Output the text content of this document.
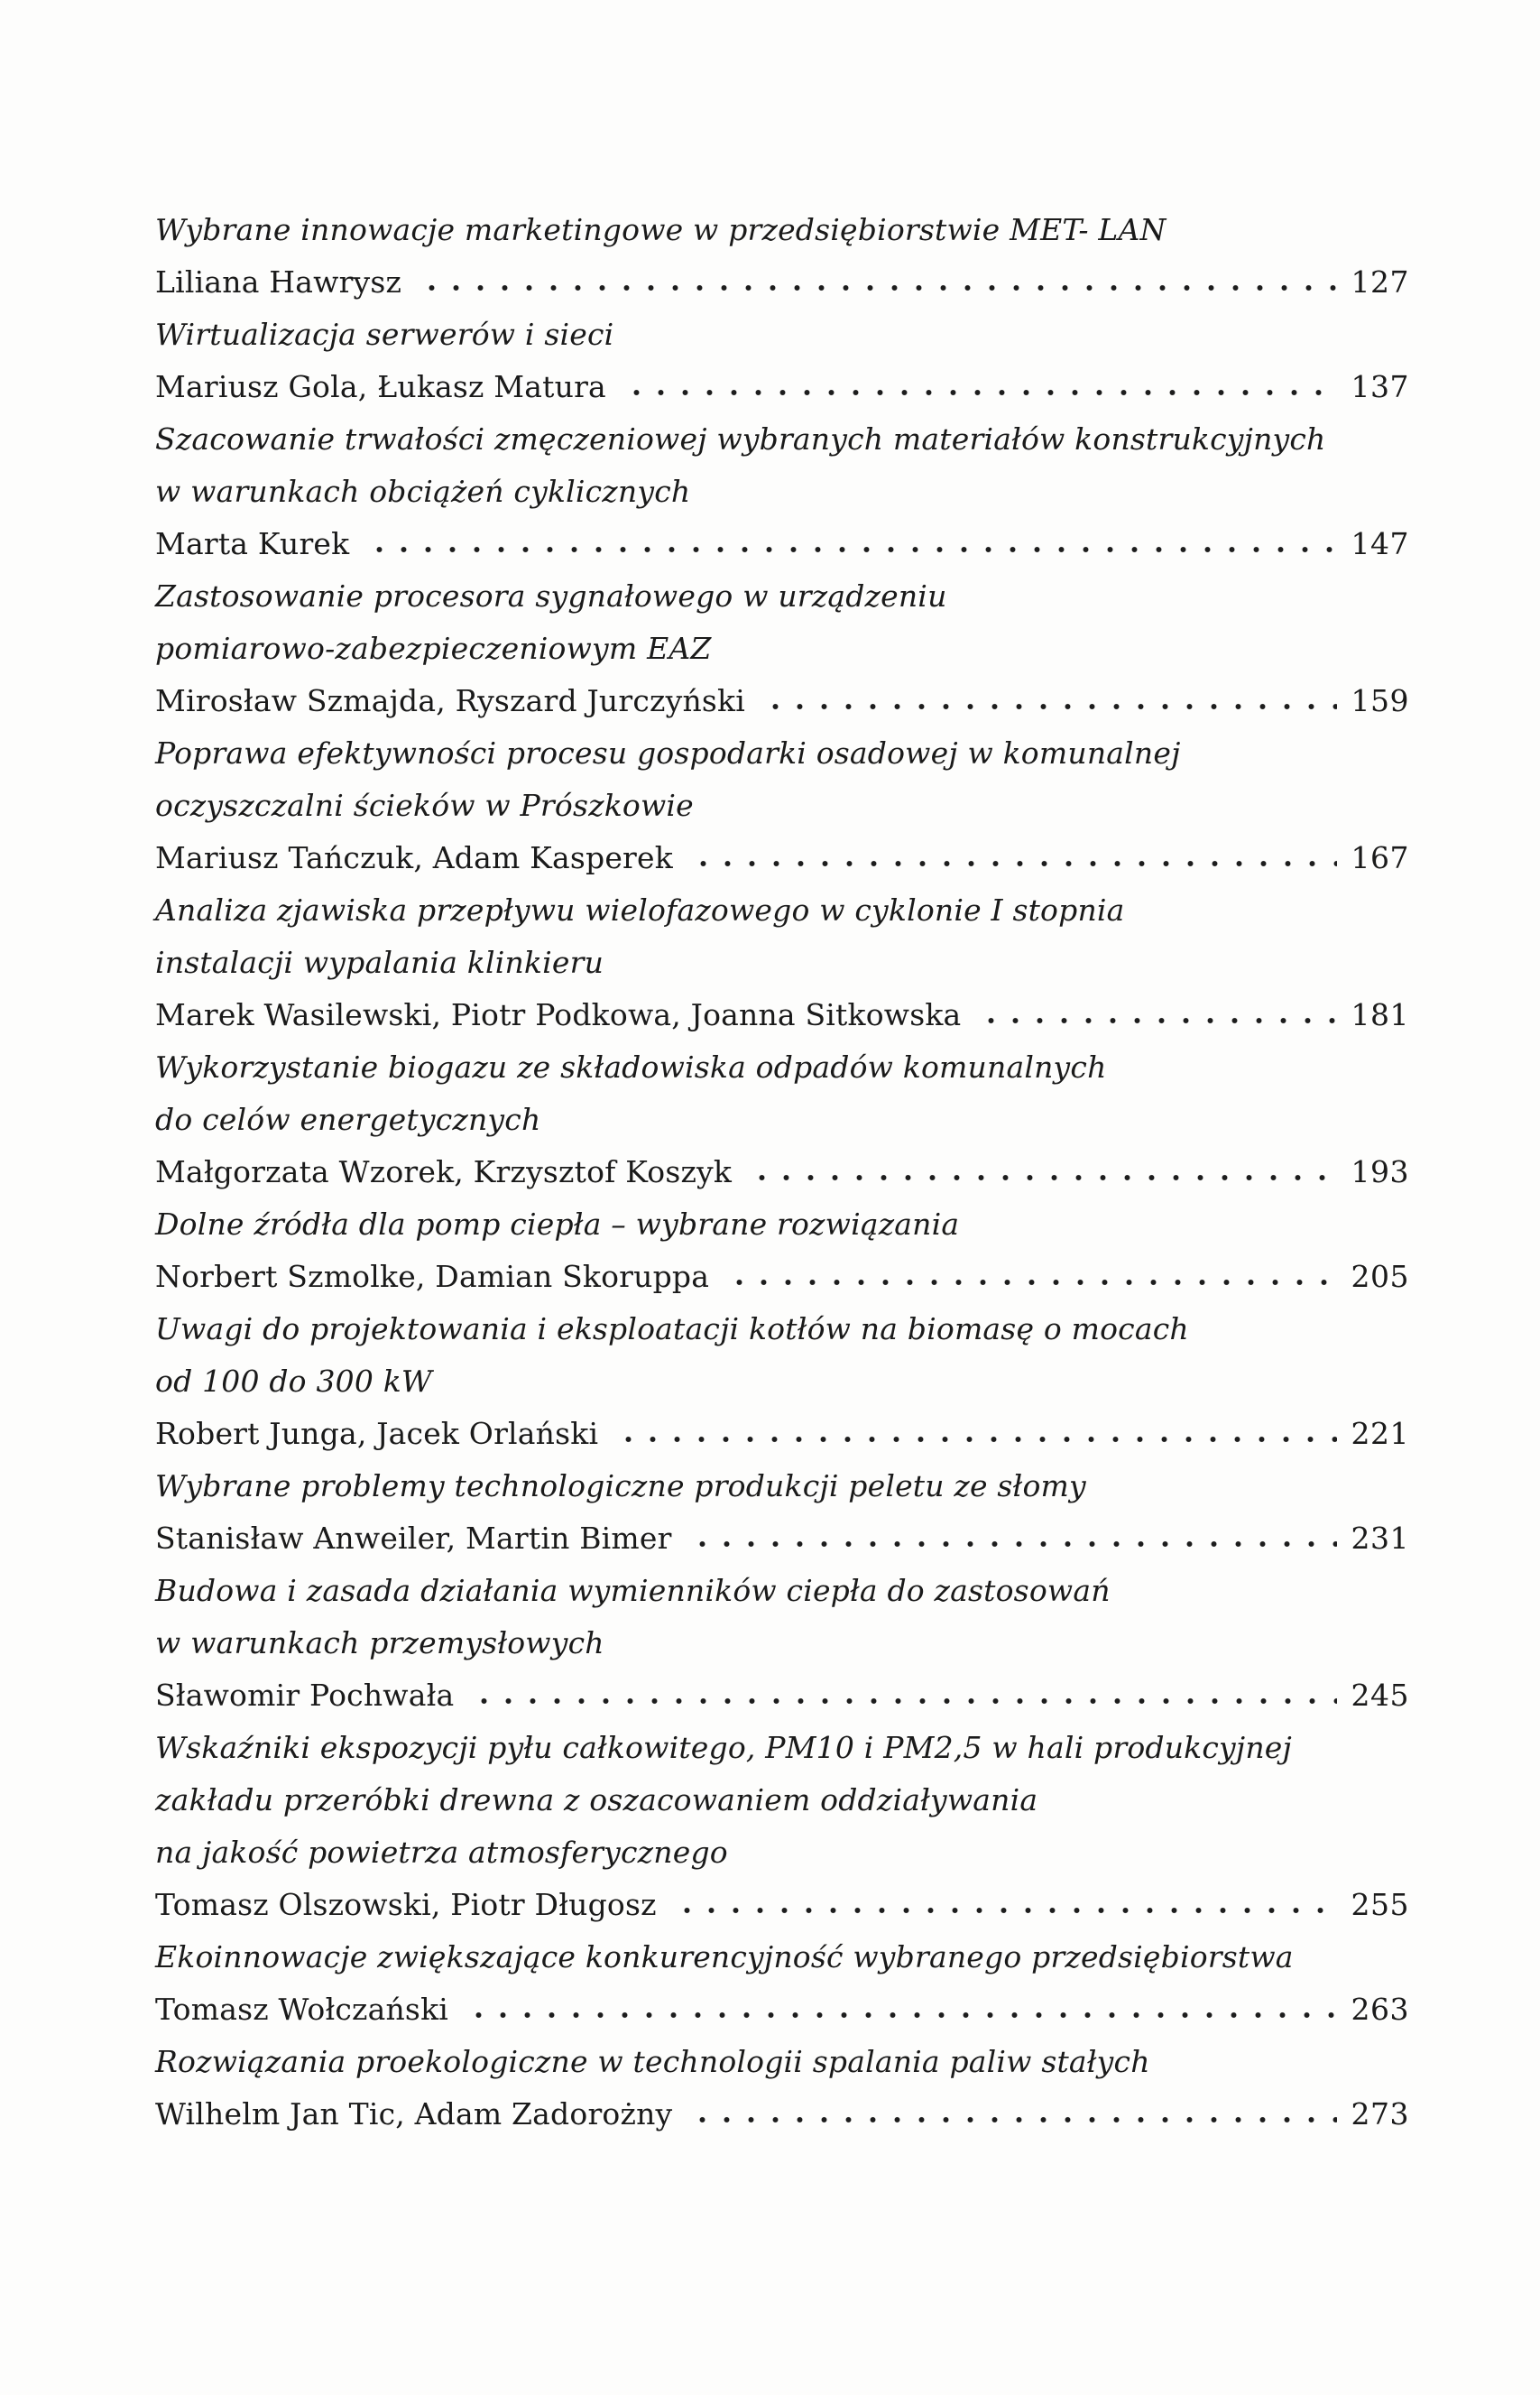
Wybrane innowacje marketingowe w przedsiębiorstwie MET- LAN
Liliana Hawrysz	127
Wirtualizacja serwerów i sieci
Mariusz Gola, Łukasz Matura	137
Szacowanie trwałości zmęczeniowej wybranych materiałów konstrukcyjnych
w warunkach obciążeń cyklicznych
Marta Kurek	147
Zastosowanie procesora sygnałowego w urządzeniu
pomiarowo-zabezpieczeniowym EAZ
Mirosław Szmajda, Ryszard Jurczyński	159
Poprawa efektywności procesu gospodarki osadowej w komunalnej
oczyszczalni ścieków w Prószkowie
Mariusz Tańczuk, Adam Kasperek	167
Analiza zjawiska przepływu wielofazowego w cyklonie I stopnia
instalacji wypalania klinkieru
Marek Wasilewski, Piotr Podkowa, Joanna Sitkowska	181
Wykorzystanie biogazu ze składowiska odpadów komunalnych
do celów energetycznych
Małgorzata Wzorek, Krzysztof Koszyk	193
Dolne źródła dla pomp ciepła – wybrane rozwiązania
Norbert Szmolke, Damian Skoruppa	205
Uwagi do projektowania i eksploatacji kotłów na biomasę o mocach
od 100 do 300 kW
Robert Junga, Jacek Orlański	221
Wybrane problemy technologiczne produkcji peletu ze słomy
Stanisław Anweiler, Martin Bimer	231
Budowa i zasada działania wymienników ciepła do zastosowań
w warunkach przemysłowych
Sławomir Pochwała	245
Wskaźniki ekspozycji pyłu całkowitego, PM10 i PM2,5 w hali produkcyjnej
zakładu przeróbki drewna z oszacowaniem oddziaływania
na jakość powietrza atmosferycznego
Tomasz Olszowski, Piotr Długosz	255
Ekoinnowacje zwiększające konkurencyjność wybranego przedsiębiorstwa
Tomasz Wołczański	263
Rozwiązania proekologiczne w technologii spalania paliw stałych
Wilhelm Jan Tic, Adam Zadorożny	273
